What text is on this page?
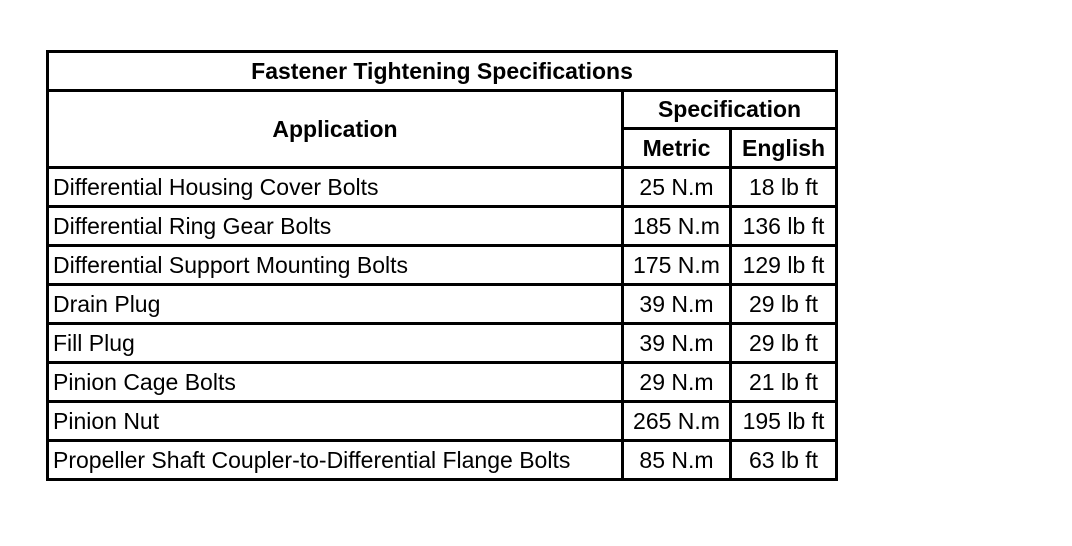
Fastener Tightening Specifications		
Application	Specification	
	Metric	English
Differential Housing Cover Bolts	25 N.m	18 lb ft
Differential Ring Gear Bolts	185 N.m	136 lb ft
Differential Support Mounting Bolts	175 N.m	129 lb ft
Drain Plug	39 N.m	29 lb ft
Fill Plug	39 N.m	29 lb ft
Pinion Cage Bolts	29 N.m	21 lb ft
Pinion Nut	265 N.m	195 lb ft
Propeller Shaft Coupler-to-Differential Flange Bolts	85 N.m	63 lb ft
